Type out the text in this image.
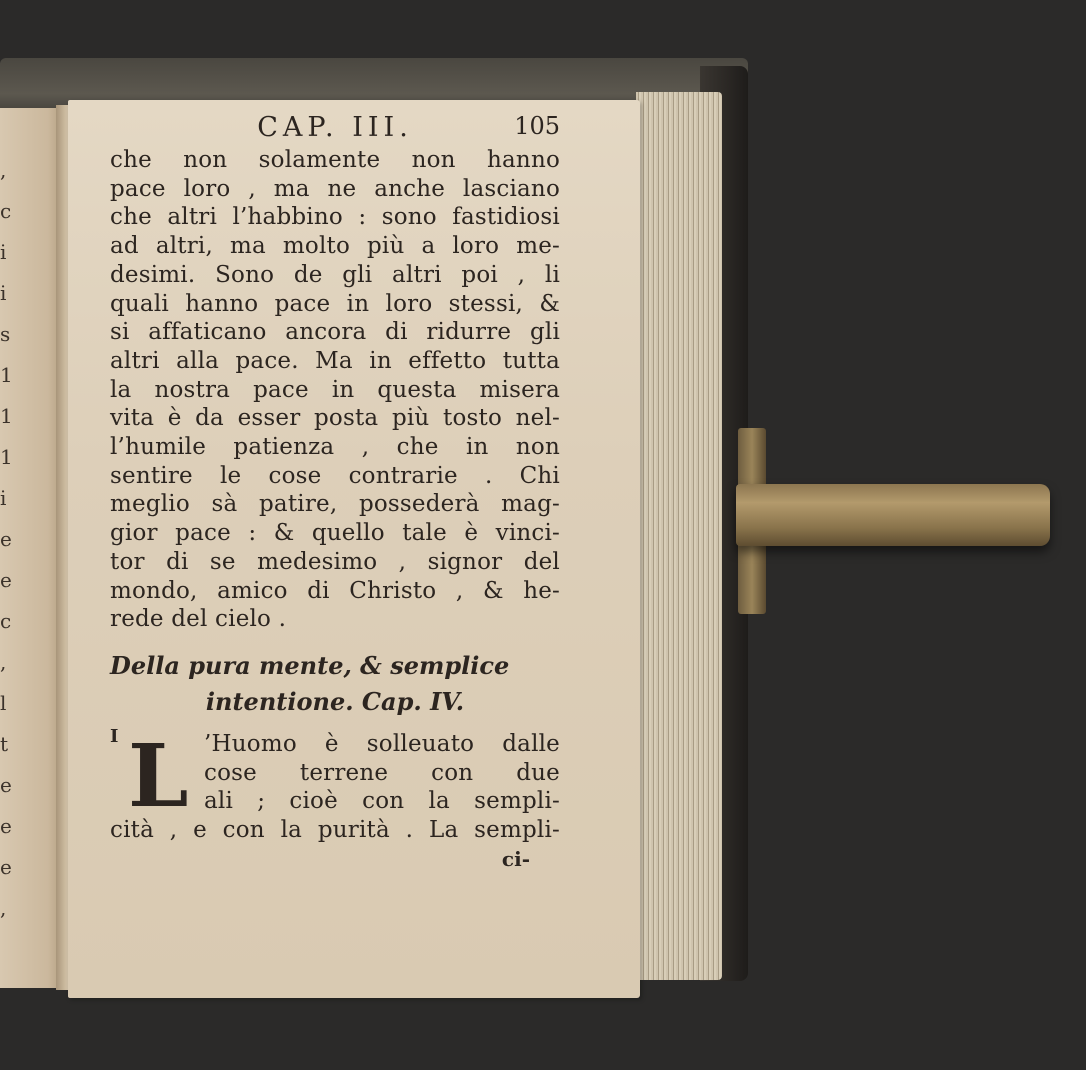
,
c
i
i
s
1
1
1
i
e
e
c
,
l
t
e
e
e
,
CAP. III.	105
che non solamente non hanno
pace loro , ma ne anche lasciano
che altri l’habbino : sono fastidiosi
ad altri, ma molto più a loro me-
desimi. Sono de gli altri poi , li
quali hanno pace in loro stessi, &
si affaticano ancora di ridurre gli
altri alla pace. Ma in effetto tutta
la nostra pace in questa misera
vita è da esser posta più tosto nel-
l’humile patienza , che in non
sentire le cose contrarie . Chi
meglio sà patire, possederà mag-
gior pace : & quello tale è vinci-
tor di se medesimo , signor del
mondo, amico di Christo , & he-
rede del cielo .
Della pura mente, & semplice
intentione. Cap. IV.
I L ’Huomo è solleuato dalle
cose terrene con due
ali ; cioè con la sempli-
cità , e con la purità . La sempli-
ci-
